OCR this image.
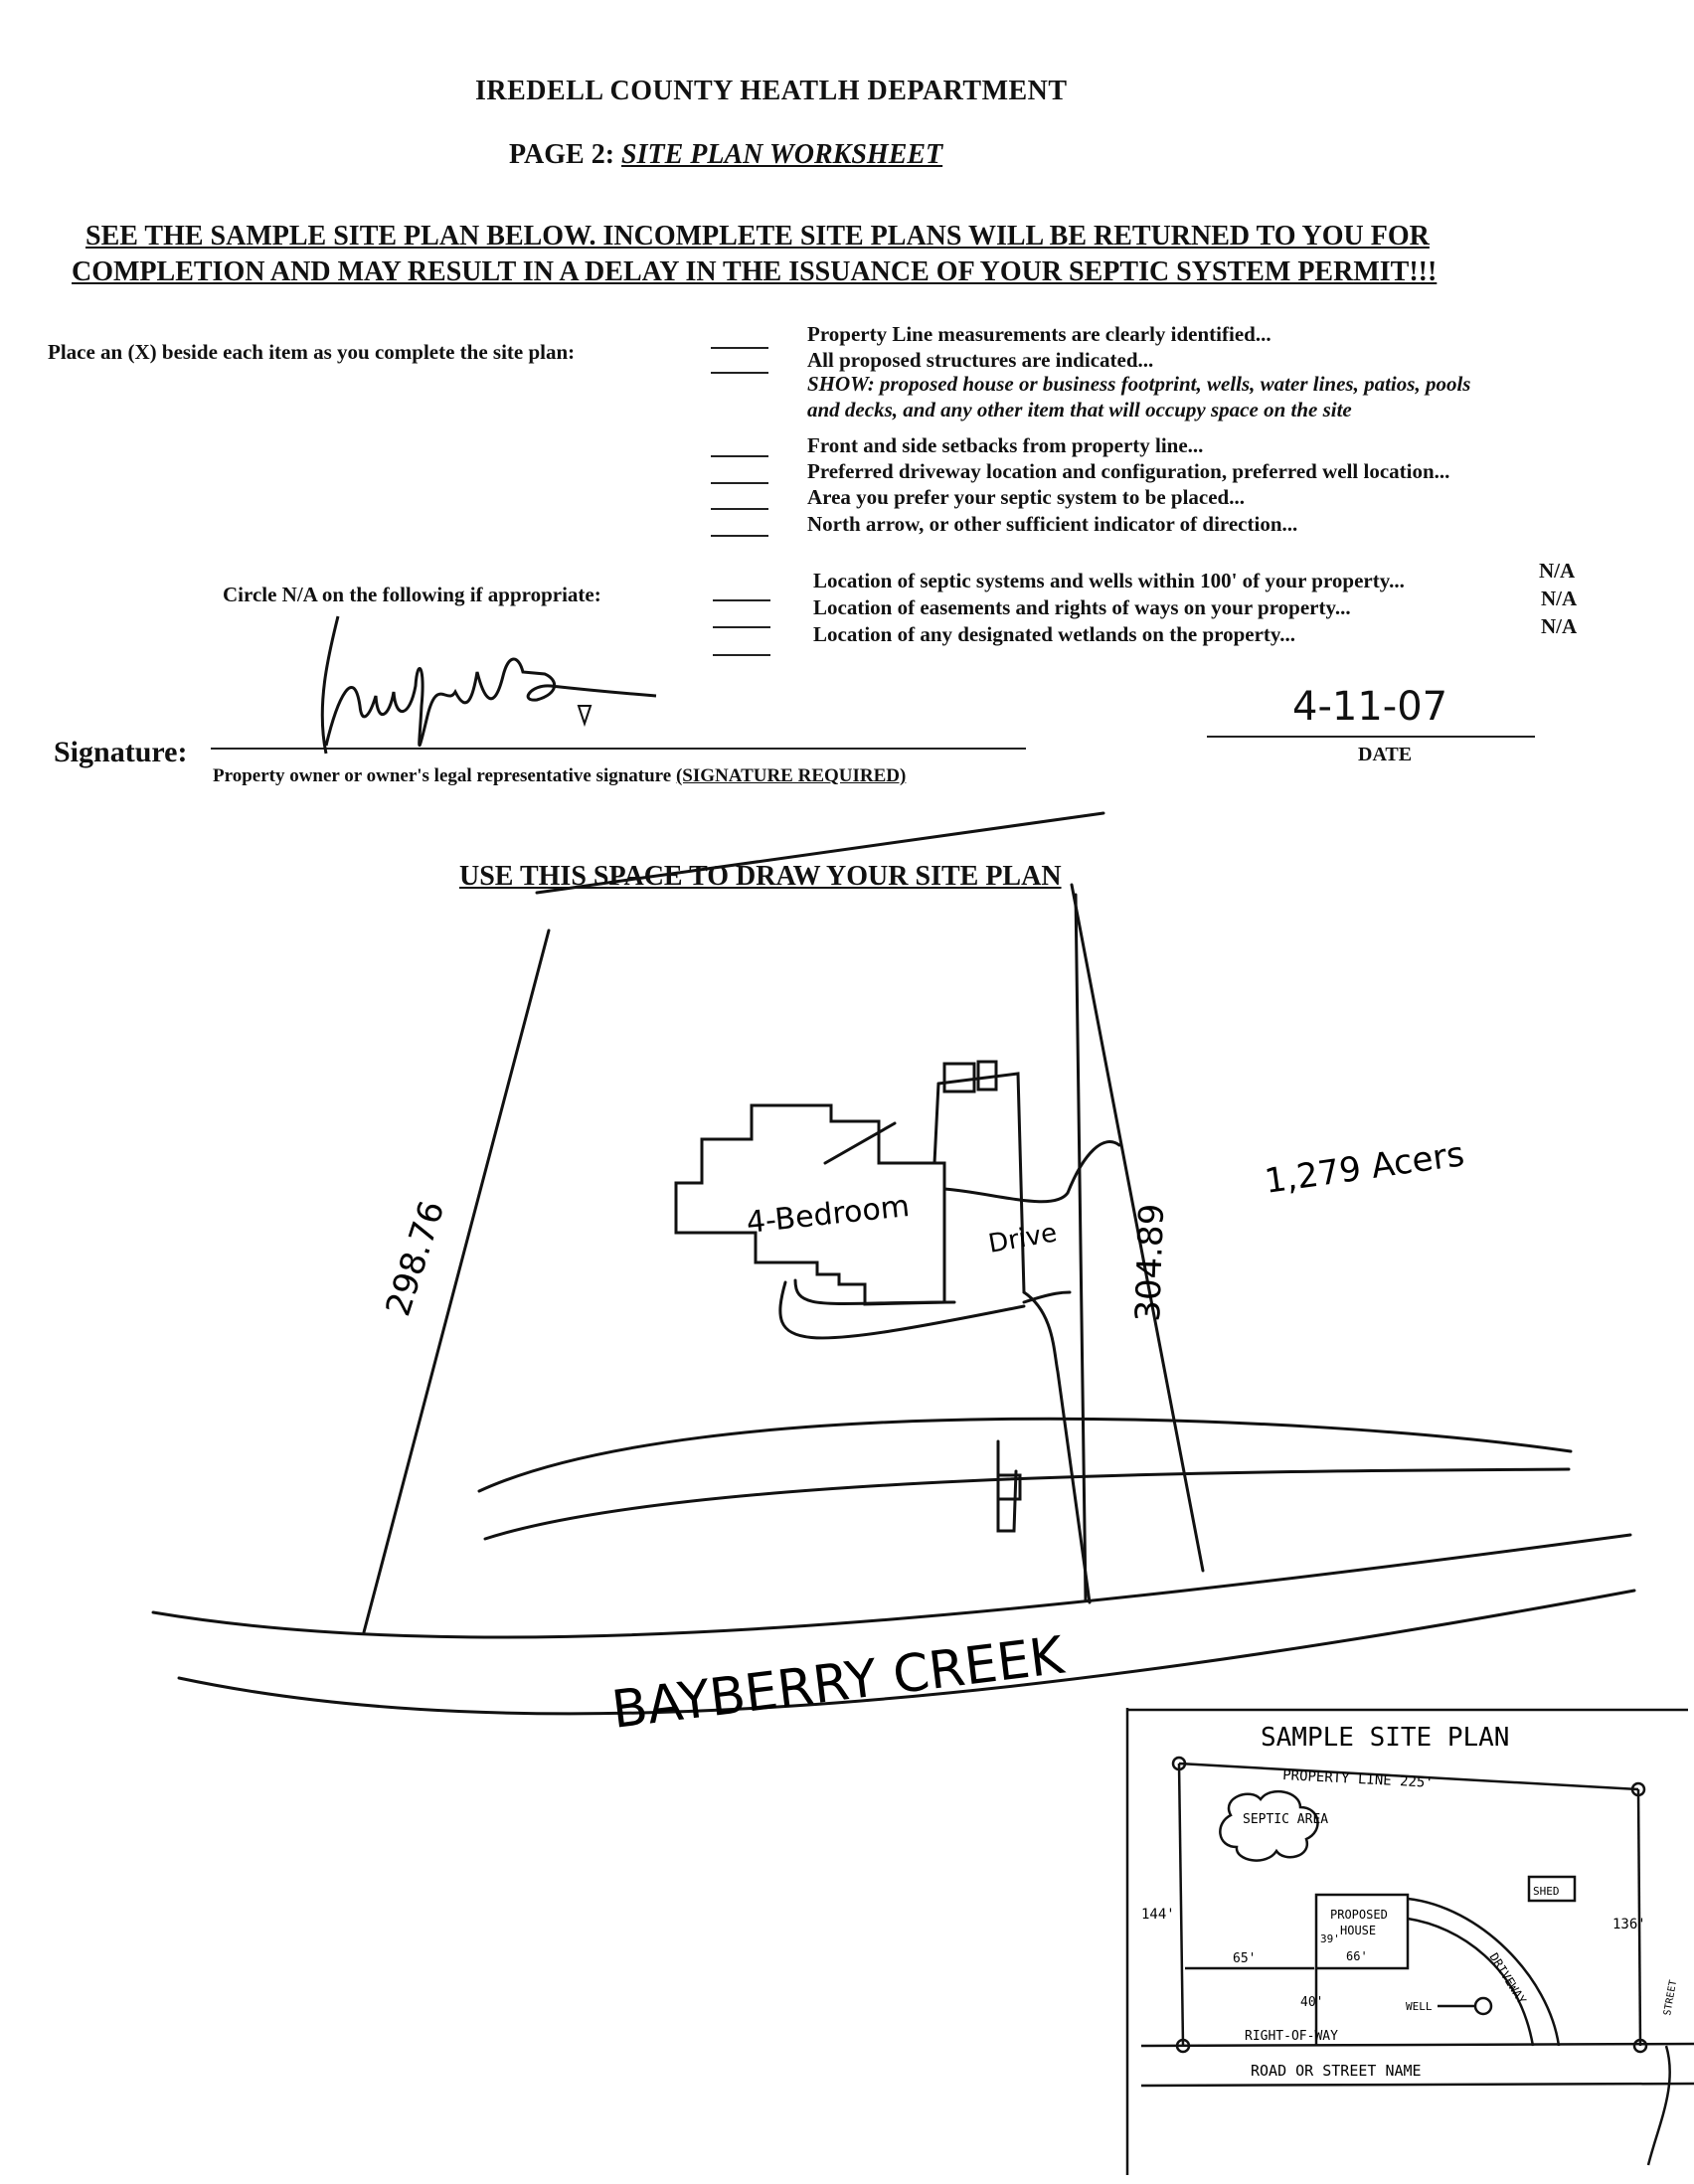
IREDELL COUNTY HEATLH DEPARTMENT
PAGE 2: SITE PLAN WORKSHEET
SEE THE SAMPLE SITE PLAN BELOW. INCOMPLETE SITE PLANS WILL BE RETURNED TO YOU FOR
COMPLETION AND MAY RESULT IN A DELAY IN THE ISSUANCE OF YOUR SEPTIC SYSTEM PERMIT!!!
Place an (X) beside each item as you complete the site plan:
Property Line measurements are clearly identified...
All proposed structures are indicated...
SHOW: proposed house or business footprint, wells, water lines, patios, pools
and decks, and any other item that will occupy space on the site
Front and side setbacks from property line...
Preferred driveway location and configuration, preferred well location...
Area you prefer your septic system to be placed...
North arrow, or other sufficient indicator of direction...
Circle N/A on the following if appropriate:
Location of septic systems and wells within 100' of your property...
Location of easements and rights of ways on your property...
Location of any designated wetlands on the property...
N/A
N/A
N/A
Signature:
Property owner or owner's legal representative signature (SIGNATURE REQUIRED)
4-11-07
DATE
USE THIS SPACE TO DRAW YOUR SITE PLAN
298.76	304.89
1,279 Acers
4-Bedroom	Drive
BAYBERRY CREEK	SAMPLE SITE PLAN
PROPERTY LINE 225'
SEPTIC AREA
SHED
144'
136'
PROPOSED
HOUSE
66'
39'
65'
40'	DRIVEWAY
WELL
RIGHT-OF-WAY
ROAD OR STREET NAME
STREET
